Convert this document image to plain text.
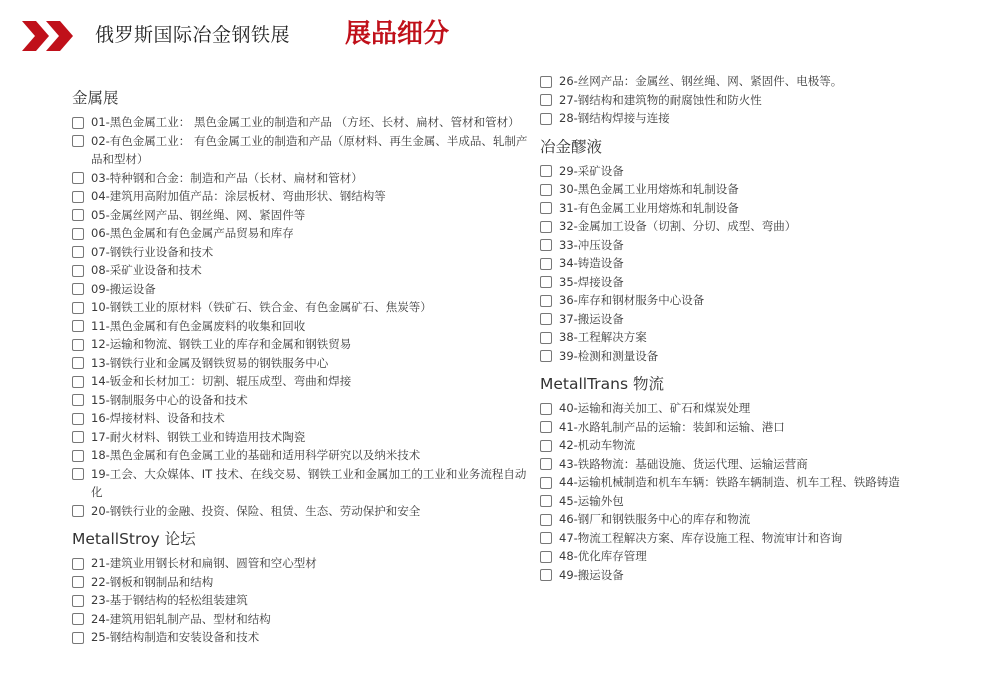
俄罗斯国际冶金钢铁展 展品细分
金属展
01-黑色金属工业： 黑色金属工业的制造和产品 （方坯、长材、扁材、管材和管材）
02-有色金属工业： 有色金属工业的制造和产品（原材料、再生金属、半成品、轧制产品和型材）
03-特种钢和合金：制造和产品（长材、扁材和管材）
04-建筑用高附加值产品：涂层板材、弯曲形状、钢结构等
05-金属丝网产品、钢丝绳、网、紧固件等
06-黑色金属和有色金属产品贸易和库存
07-钢铁行业设备和技术
08-采矿业设备和技术
09-搬运设备
10-钢铁工业的原材料（铁矿石、铁合金、有色金属矿石、焦炭等）
11-黑色金属和有色金属废料的收集和回收
12-运输和物流、钢铁工业的库存和金属和钢铁贸易
13-钢铁行业和金属及钢铁贸易的钢铁服务中心
14-钣金和长材加工：切割、辊压成型、弯曲和焊接
15-钢制服务中心的设备和技术
16-焊接材料、设备和技术
17-耐火材料、钢铁工业和铸造用技术陶瓷
18-黑色金属和有色金属工业的基础和适用科学研究以及纳米技术
19-工会、大众媒体、IT 技术、在线交易、钢铁工业和金属加工的工业和业务流程自动化
20-钢铁行业的金融、投资、保险、租赁、生态、劳动保护和安全
MetallStroy 论坛
21-建筑业用钢长材和扁钢、圆管和空心型材
22-钢板和钢制品和结构
23-基于钢结构的轻松组装建筑
24-建筑用铝轧制产品、型材和结构
25-钢结构制造和安装设备和技术
26-丝网产品：金属丝、钢丝绳、网、紧固件、电极等。
27-钢结构和建筑物的耐腐蚀性和防火性
28-钢结构焊接与连接
冶金醪液
29-采矿设备
30-黑色金属工业用熔炼和轧制设备
31-有色金属工业用熔炼和轧制设备
32-金属加工设备（切割、分切、成型、弯曲）
33-冲压设备
34-铸造设备
35-焊接设备
36-库存和钢材服务中心设备
37-搬运设备
38-工程解决方案
39-检测和测量设备
MetallTrans 物流
40-运输和海关加工、矿石和煤炭处理
41-水路轧制产品的运输：装卸和运输、港口
42-机动车物流
43-铁路物流：基础设施、货运代理、运输运营商
44-运输机械制造和机车车辆：铁路车辆制造、机车工程、铁路铸造
45-运输外包
46-钢厂和钢铁服务中心的库存和物流
47-物流工程解决方案、库存设施工程、物流审计和咨询
48-优化库存管理
49-搬运设备
